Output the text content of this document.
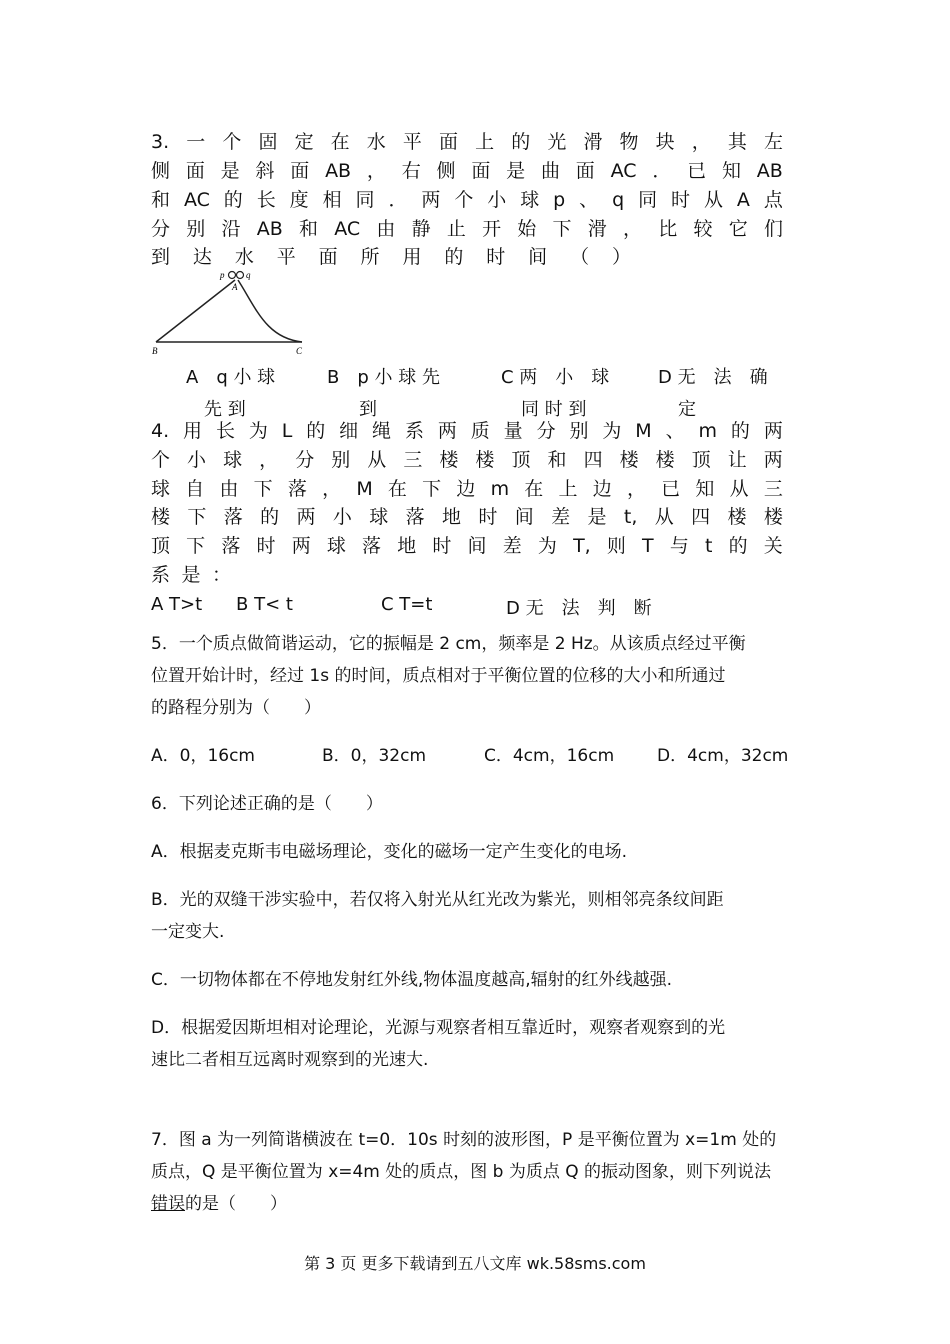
3. 一 个 固 定 在 水 平 面 上 的 光 滑 物 块 ， 其 左
侧 面 是 斜 面 AB ， 右 侧 面 是 曲 面 AC ． 已 知 AB
和 AC 的 长 度 相 同 ． 两 个 小 球 p 、 q 同 时 从 A 点
分 别 沿 AB 和 AC 由 静 止 开 始 下 滑 ， 比 较 它 们
到 达 水 平 面 所 用 的 时 间 （ ）
p q
A
B	C
A　q 小 球
先 到
B　p 小 球 先
到
C 两　小　球
同 时 到
D 无　法　确
定
4. 用 长 为 L 的 细 绳 系 两 质 量 分 别 为 M 、 m 的 两
个 小 球 ， 分 别 从 三 楼 楼 顶 和 四 楼 楼 顶 让 两
球 自 由 下 落 ， M 在 下 边 m 在 上 边 ， 已 知 从 三
楼 下 落 的 两 小 球 落 地 时 间 差 是 t, 从 四 楼 楼
顶 下 落 时 两 球 落 地 时 间 差 为 T, 则 T 与 t 的 关
系 是 ：
A T>t B T< t	C T=t	D 无　法　判　断
5．一个质点做简谐运动，它的振幅是 2 cm，频率是 2 Hz。从该质点经过平衡
位置开始计时，经过 1s 的时间，质点相对于平衡位置的位移的大小和所通过
的路程分别为（　　）
A．0，16cm	B．0，32cm	C．4cm，16cm	D．4cm，32cm
6．下列论述正确的是（　　）
A．根据麦克斯韦电磁场理论，变化的磁场一定产生变化的电场.
B．光的双缝干涉实验中，若仅将入射光从红光改为紫光，则相邻亮条纹间距
一定变大.
C．一切物体都在不停地发射红外线,物体温度越高,辐射的红外线越强.
D．根据爱因斯坦相对论理论，光源与观察者相互靠近时，观察者观察到的光
速比二者相互远离时观察到的光速大.
7．图 a 为一列简谐横波在 t=0．10s 时刻的波形图，P 是平衡位置为 x=1m 处的
质点，Q 是平衡位置为 x=4m 处的质点，图 b 为质点 Q 的振动图象，则下列说法
错误的是（　　）
第 3 页 更多下载请到五八文库 wk.58sms.com
